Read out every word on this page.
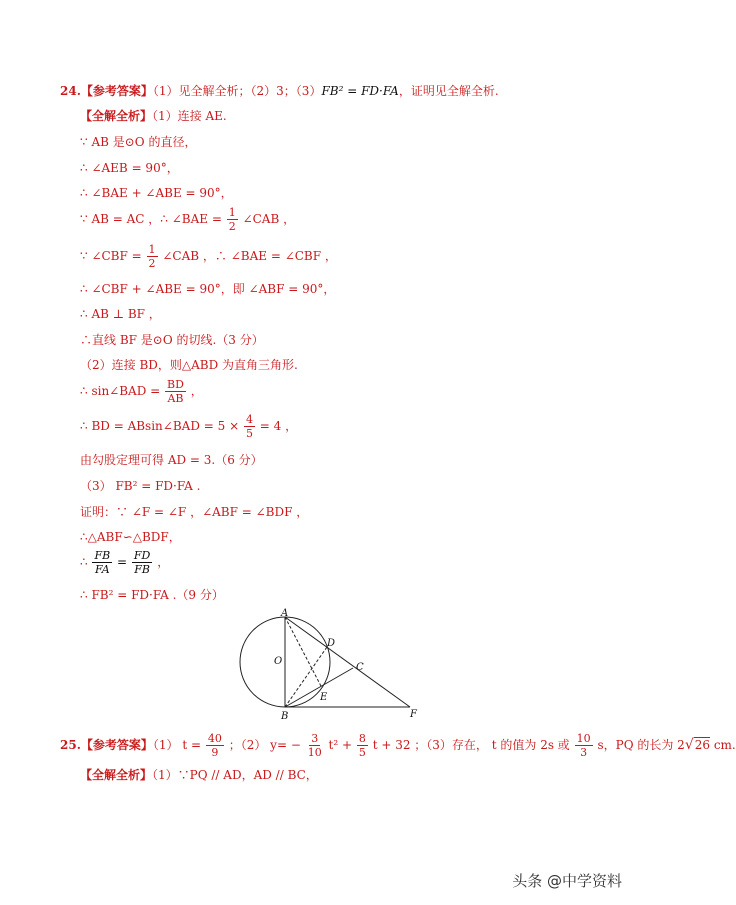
24.【参考答案】（1）见全解全析；（2）3；（3）FB² = FD·FA，证明见全解全析.
【全解全析】（1）连接 AE.
∵ AB 是⊙O 的直径，
∴ ∠AEB = 90°，
∴ ∠BAE + ∠ABE = 90°，
∵ AB = AC ，∴ ∠BAE = $\frac{1}{2}$ ∠CAB ，
∵ ∠CBF = $\frac{1}{2}$ ∠CAB ，∴ ∠BAE = ∠CBF ，
∴ ∠CBF + ∠ABE = 90°，即 ∠ABF = 90°，
∴ AB ⊥ BF ，
∴直线 BF 是⊙O 的切线.（3 分）
（2）连接 BD，则△ABD 为直角三角形.
∴ sin∠BAD = $\frac{BD}{AB}$ ，
∴ BD = ABsin∠BAD = $5 \times \frac{4}{5} = 4$ ，
由勾股定理可得 AD = 3.（6 分）
（3） FB² = FD·FA .
证明：∵ ∠F = ∠F ，∠ABF = ∠BDF ，
∴△ABF∽△BDF，
∴ $\frac{FB}{FA} = \frac{FD}{FB}$ ，
∴ FB² = FD·FA .（9 分）
A
O
D
C
E
B	F
25.【参考答案】（1） $t = \frac{40}{9}$ ；（2） $y= - \frac{3}{10} t^2 + \frac{8}{5}$ t + 32 ；（3）存在， t 的值为 2s 或 $\frac{10}{3}$ s，PQ 的长为 2√26 cm.
【全解全析】（1）∵PQ // AD，AD // BC，
头条 @中学资料
